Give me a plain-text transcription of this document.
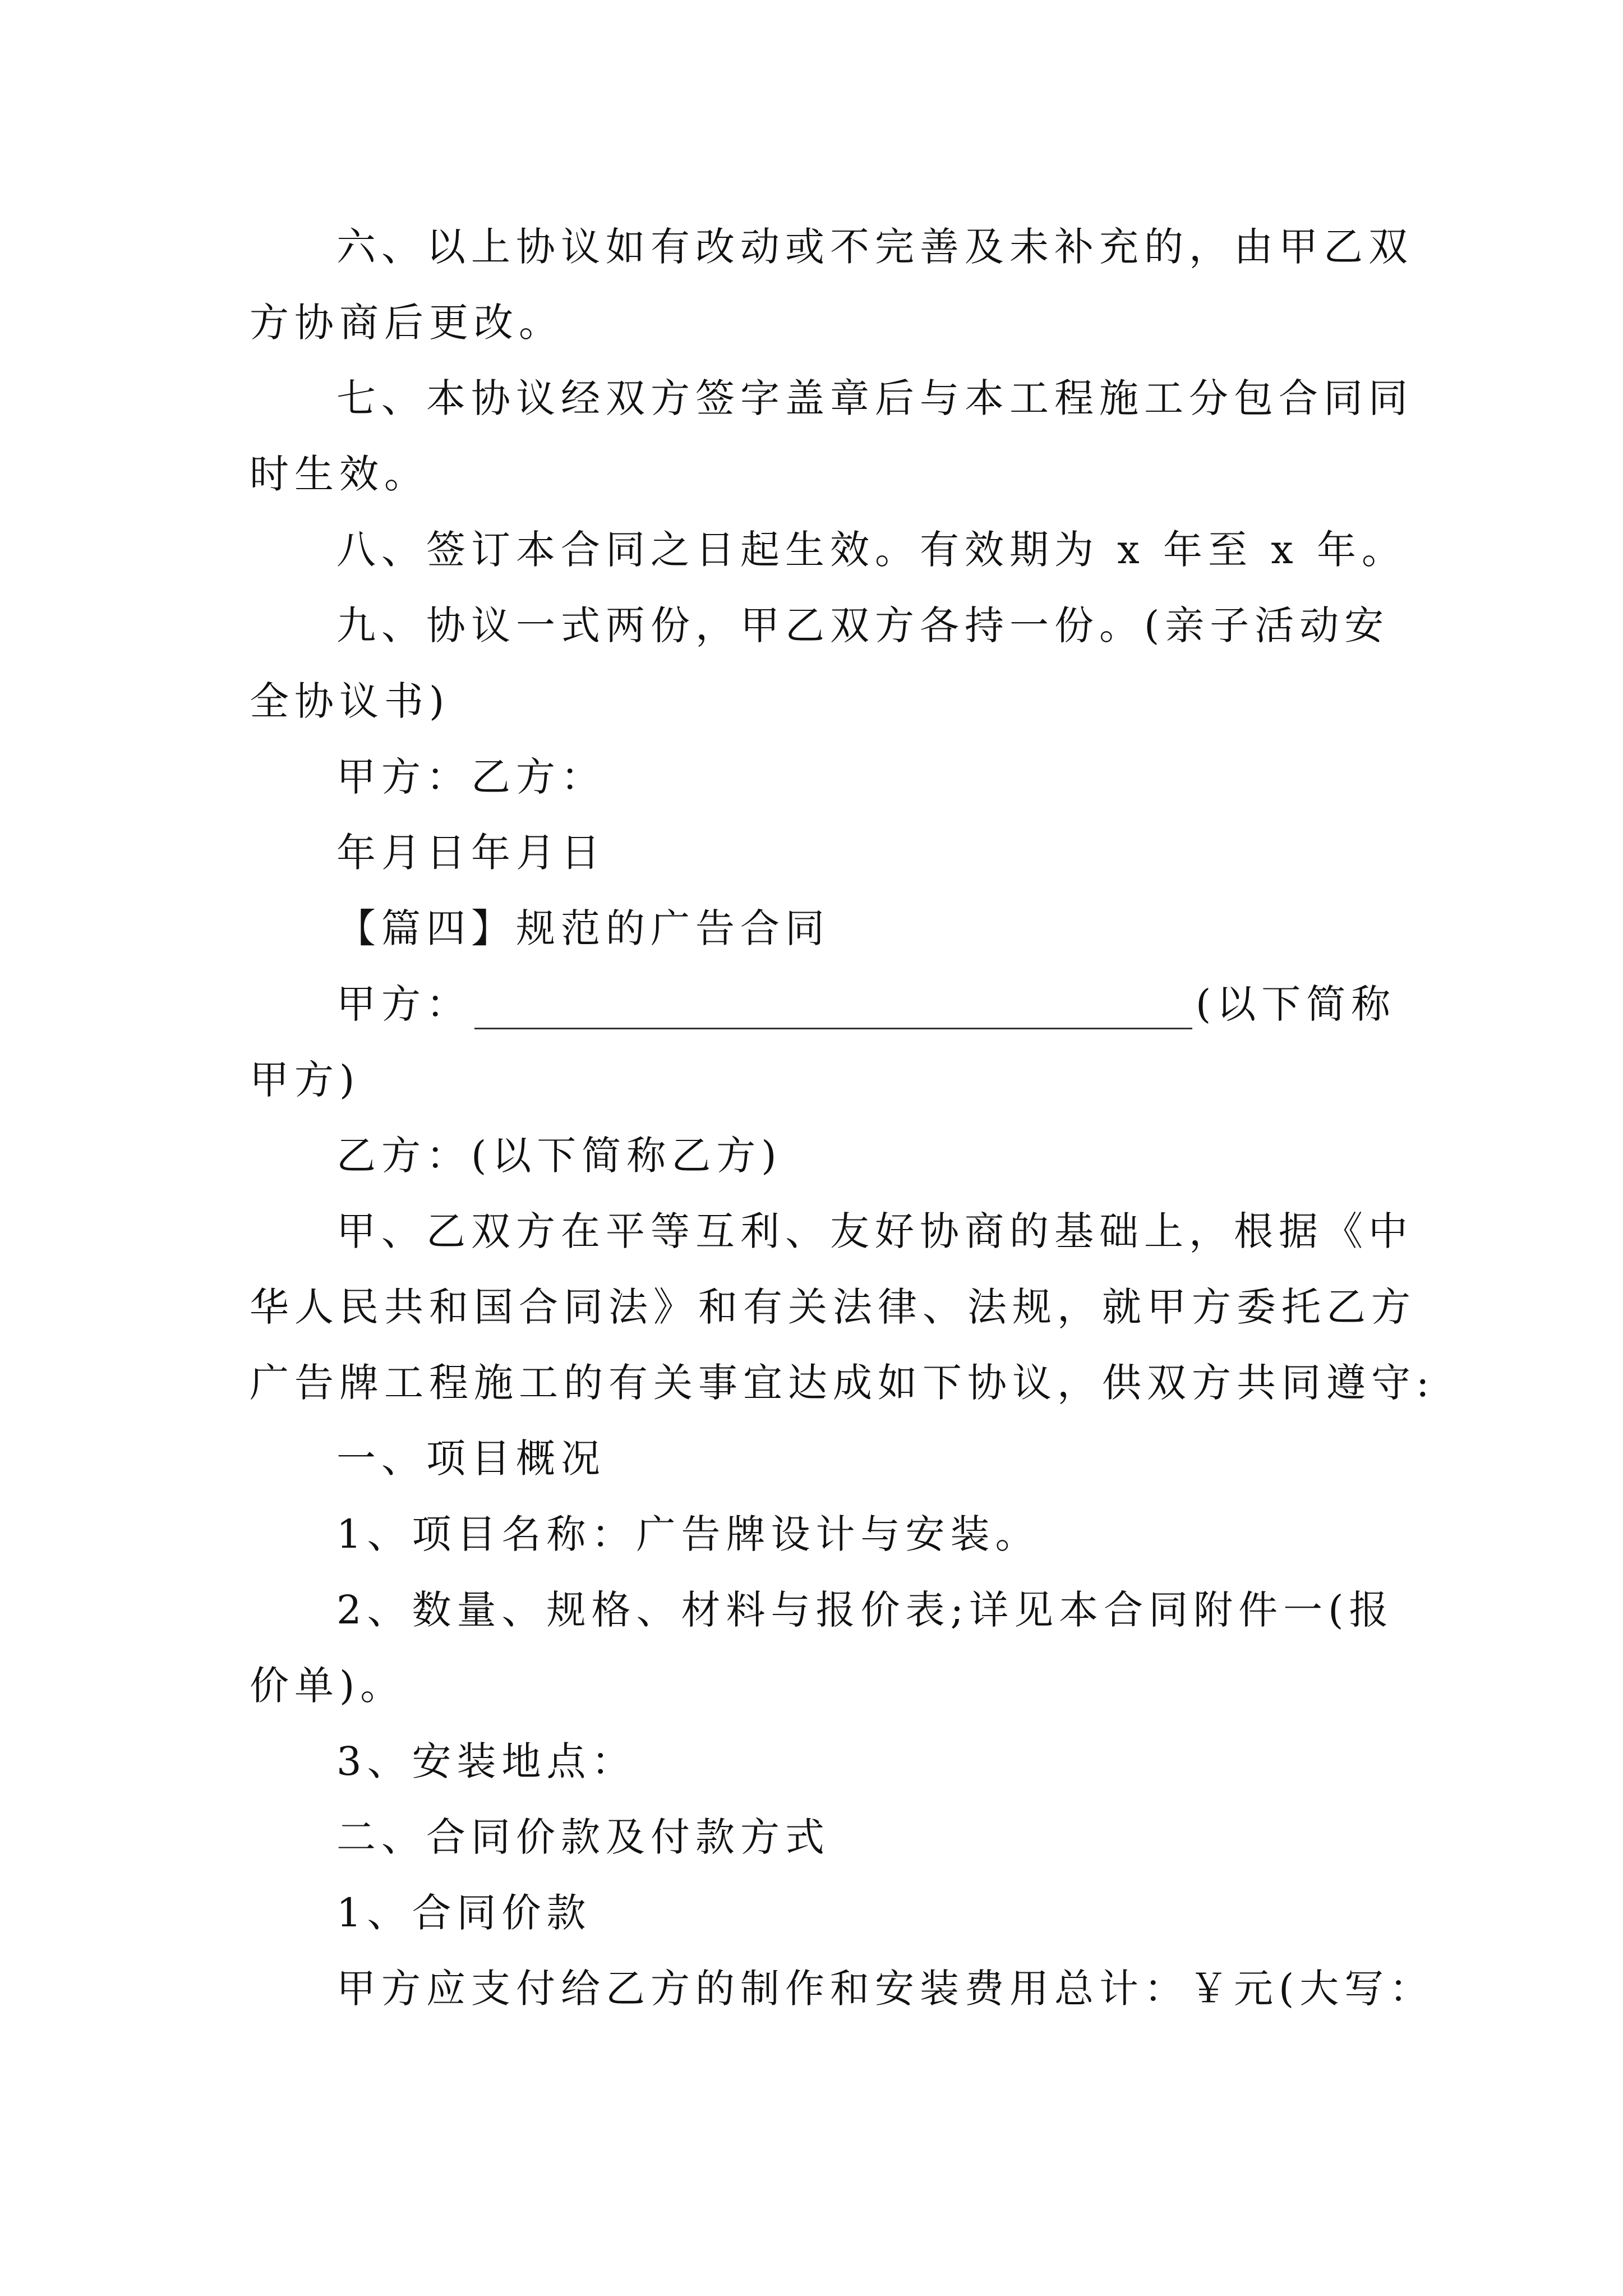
六、以上协议如有改动或不完善及未补充的，由甲乙双
方协商后更改。
七、本协议经双方签字盖章后与本工程施工分包合同同
时生效。
八、签订本合同之日起生效。有效期为 x 年至 x 年。
九、协议一式两份，甲乙双方各持一份。(亲子活动安
全协议书)
甲方：乙方：
年月日年月日
【篇四】规范的广告合同
甲方：	(以下简称
甲方)
乙方：(以下简称乙方)
甲、乙双方在平等互利、友好协商的基础上，根据《中
华人民共和国合同法》和有关法律、法规，就甲方委托乙方
广告牌工程施工的有关事宜达成如下协议，供双方共同遵守:
一、项目概况
1、项目名称：广告牌设计与安装。
2、数量、规格、材料与报价表;详见本合同附件一(报
价单)。
3、安装地点：
二、合同价款及付款方式
1、合同价款
甲方应支付给乙方的制作和安装费用总计：￥元(大写：
